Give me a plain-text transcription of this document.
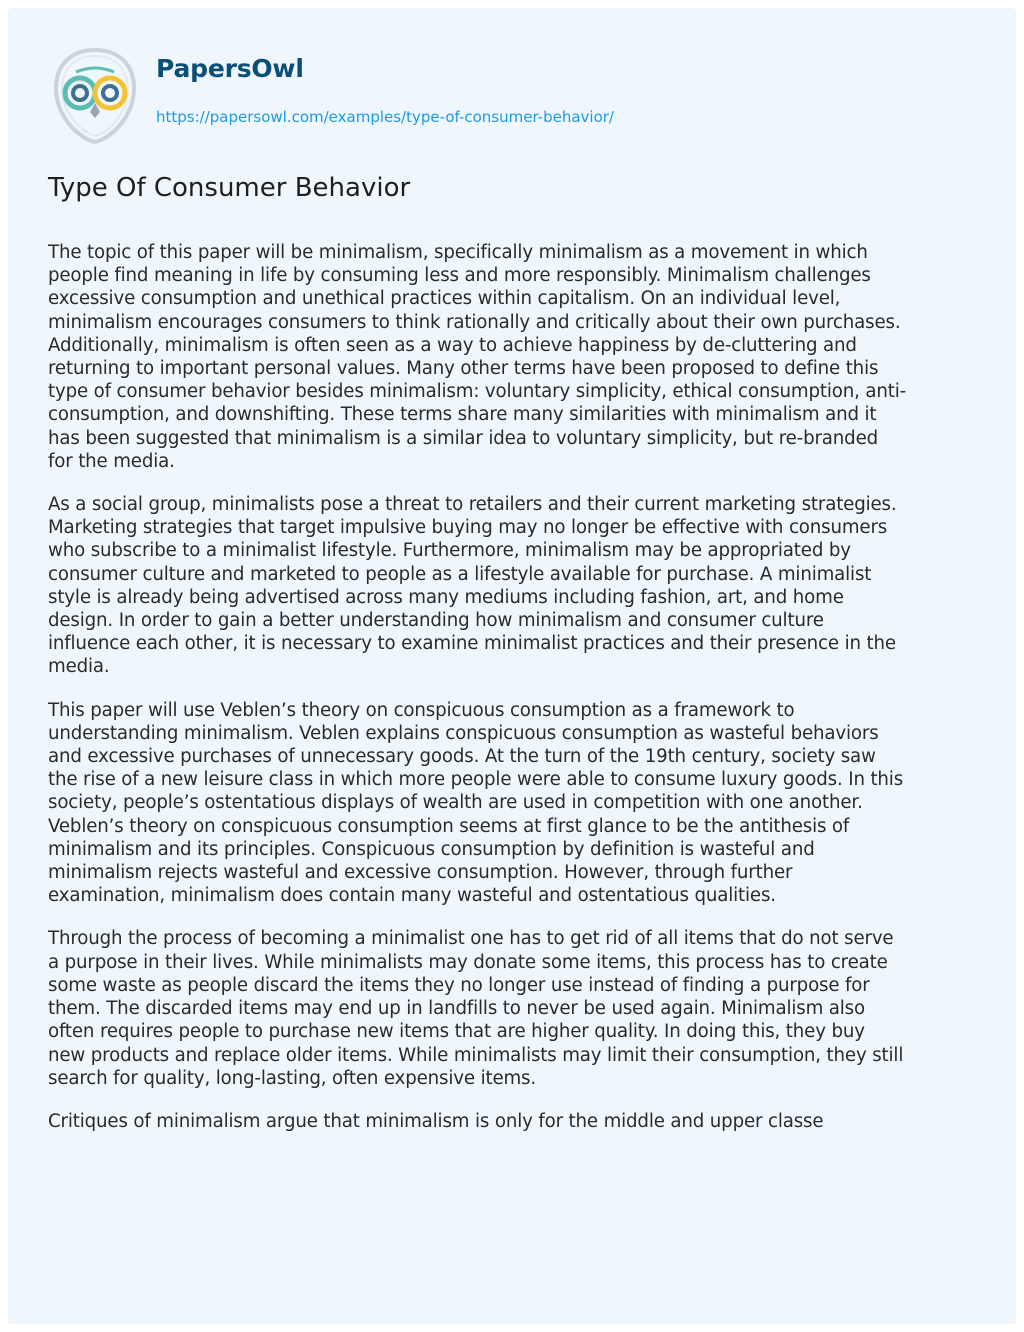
PapersOwl
https://papersowl.com/examples/type-of-consumer-behavior/
Type Of Consumer Behavior

The topic of this paper will be minimalism, specifically minimalism as a movement in which
people find meaning in life by consuming less and more responsibly. Minimalism challenges
excessive consumption and unethical practices within capitalism. On an individual level,
minimalism encourages consumers to think rationally and critically about their own purchases.
Additionally, minimalism is often seen as a way to achieve happiness by de-cluttering and
returning to important personal values. Many other terms have been proposed to define this
type of consumer behavior besides minimalism: voluntary simplicity, ethical consumption, anti-
consumption, and downshifting. These terms share many similarities with minimalism and it
has been suggested that minimalism is a similar idea to voluntary simplicity, but re-branded
for the media.

As a social group, minimalists pose a threat to retailers and their current marketing strategies.
Marketing strategies that target impulsive buying may no longer be effective with consumers
who subscribe to a minimalist lifestyle. Furthermore, minimalism may be appropriated by
consumer culture and marketed to people as a lifestyle available for purchase. A minimalist
style is already being advertised across many mediums including fashion, art, and home
design. In order to gain a better understanding how minimalism and consumer culture
influence each other, it is necessary to examine minimalist practices and their presence in the
media.

This paper will use Veblen’s theory on conspicuous consumption as a framework to
understanding minimalism. Veblen explains conspicuous consumption as wasteful behaviors
and excessive purchases of unnecessary goods. At the turn of the 19th century, society saw
the rise of a new leisure class in which more people were able to consume luxury goods. In this
society, people’s ostentatious displays of wealth are used in competition with one another.
Veblen’s theory on conspicuous consumption seems at first glance to be the antithesis of
minimalism and its principles. Conspicuous consumption by definition is wasteful and
minimalism rejects wasteful and excessive consumption. However, through further
examination, minimalism does contain many wasteful and ostentatious qualities.

Through the process of becoming a minimalist one has to get rid of all items that do not serve
a purpose in their lives. While minimalists may donate some items, this process has to create
some waste as people discard the items they no longer use instead of finding a purpose for
them. The discarded items may end up in landfills to never be used again. Minimalism also
often requires people to purchase new items that are higher quality. In doing this, they buy
new products and replace older items. While minimalists may limit their consumption, they still
search for quality, long-lasting, often expensive items.

Critiques of minimalism argue that minimalism is only for the middle and upper classe
